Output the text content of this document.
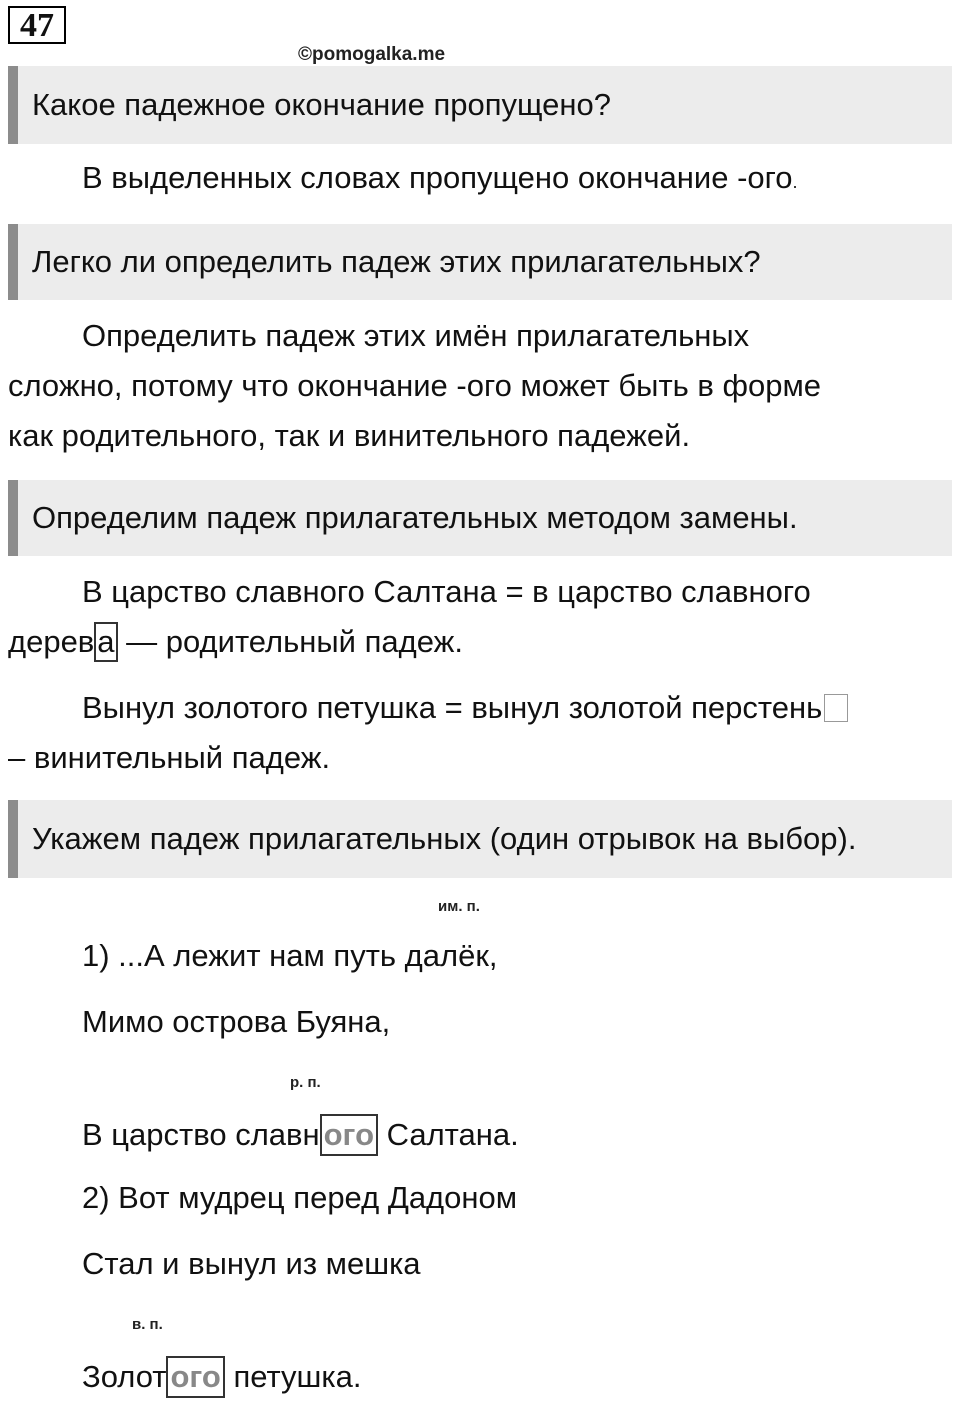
47
©pomogalka.me
Какое падежное окончание пропущено?
В выделенных словах пропущено окончание -ого.
Легко ли определить падеж этих прилагательных?
Определить падеж этих имён прилагательных
сложно, потому что окончание -ого может быть в форме
как родительного, так и винительного падежей.
Определим падеж прилагательных методом замены.
В царство славного Салтана = в царство славного
дерева — родительный падеж.
Вынул золотого петушка = вынул золотой перстень
– винительный падеж.
Укажем падеж прилагательных (один отрывок на выбор).
им. п.
1) ...А лежит нам путь далёк,
Мимо острова Буяна,
р. п.
В царство славн ого Салтана.
2) Вот мудрец перед Дадоном
Стал и вынул из мешка
в. п.
Золот ого петушка.
